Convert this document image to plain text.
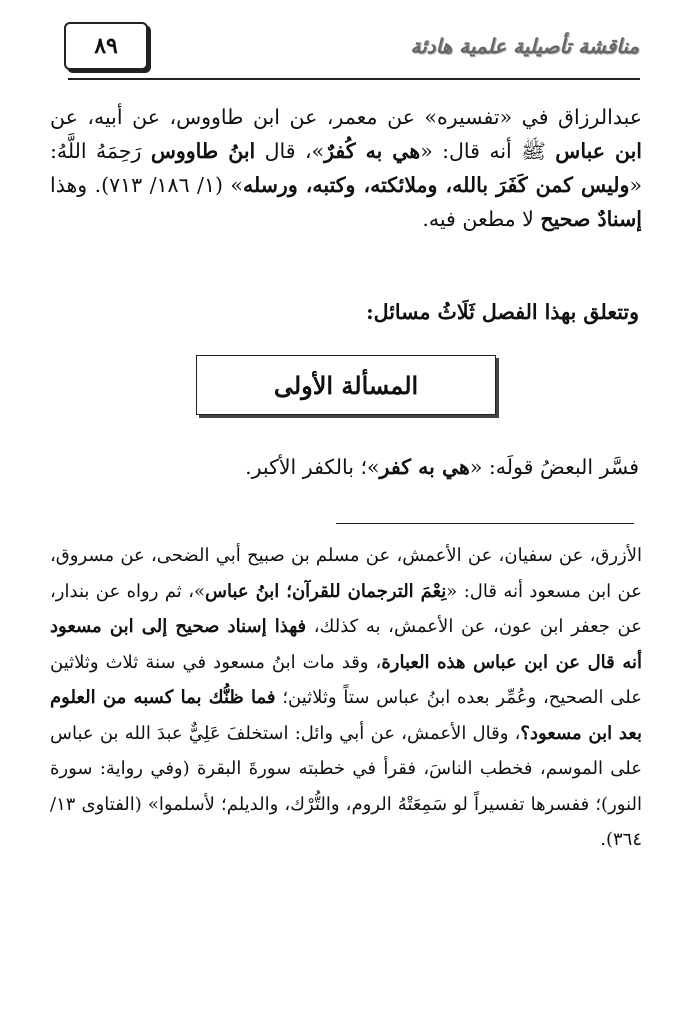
٨٩	مناقشة تأصيلية علمية هادئة

عبدالرزاق في «تفسيره» عن معمر، عن ابن طاووس، عن أبيه، عن ابن عباس ﷺ أنه قال: «هي به كُفرٌ»، قال ابنُ طاووس رَحِمَهُ اللَّهُ: «وليس كمن كَفَرَ بالله، وملائكته، وكتبه، ورسله» (١/ ١٨٦/ ٧١٣). وهذا إسنادٌ صحيح لا مطعن فيه.

وتتعلق بهذا الفصل ثَلَاثُ مسائل:
المسألة الأولى
فسَّر البعضُ قولَه: «هي به كفر»؛ بالكفر الأكبر.

الأزرق، عن سفيان، عن الأعمش، عن مسلم بن صبيح أبي الضحى، عن مسروق، عن ابن مسعود أنه قال: «نِعْمَ الترجمان للقرآن؛ ابنُ عباس»، ثم رواه عن بندار، عن جعفر ابن عون، عن الأعمش، به كذلك، فهذا إسناد صحيح إلى ابن مسعود أنه قال عن ابن عباس هذه العبارة، وقد مات ابنُ مسعود في سنة ثلاث وثلاثين على الصحيح، وعُمِّر بعده ابنُ عباس ستاً وثلاثين؛ فما ظنُّك بما كسبه من العلوم بعد ابن مسعود؟، وقال الأعمش، عن أبي وائل: استخلفَ عَلِيٌّ عبدَ الله بن عباس على الموسم، فخطب الناسَ، فقرأ في خطبته سورةَ البقرة (وفي رواية: سورة النور)؛ ففسرها تفسيراً لو سَمِعَتْهُ الروم، والتُّرْك، والديلم؛ لأسلموا» (الفتاوى ١٣/ ٣٦٤).
